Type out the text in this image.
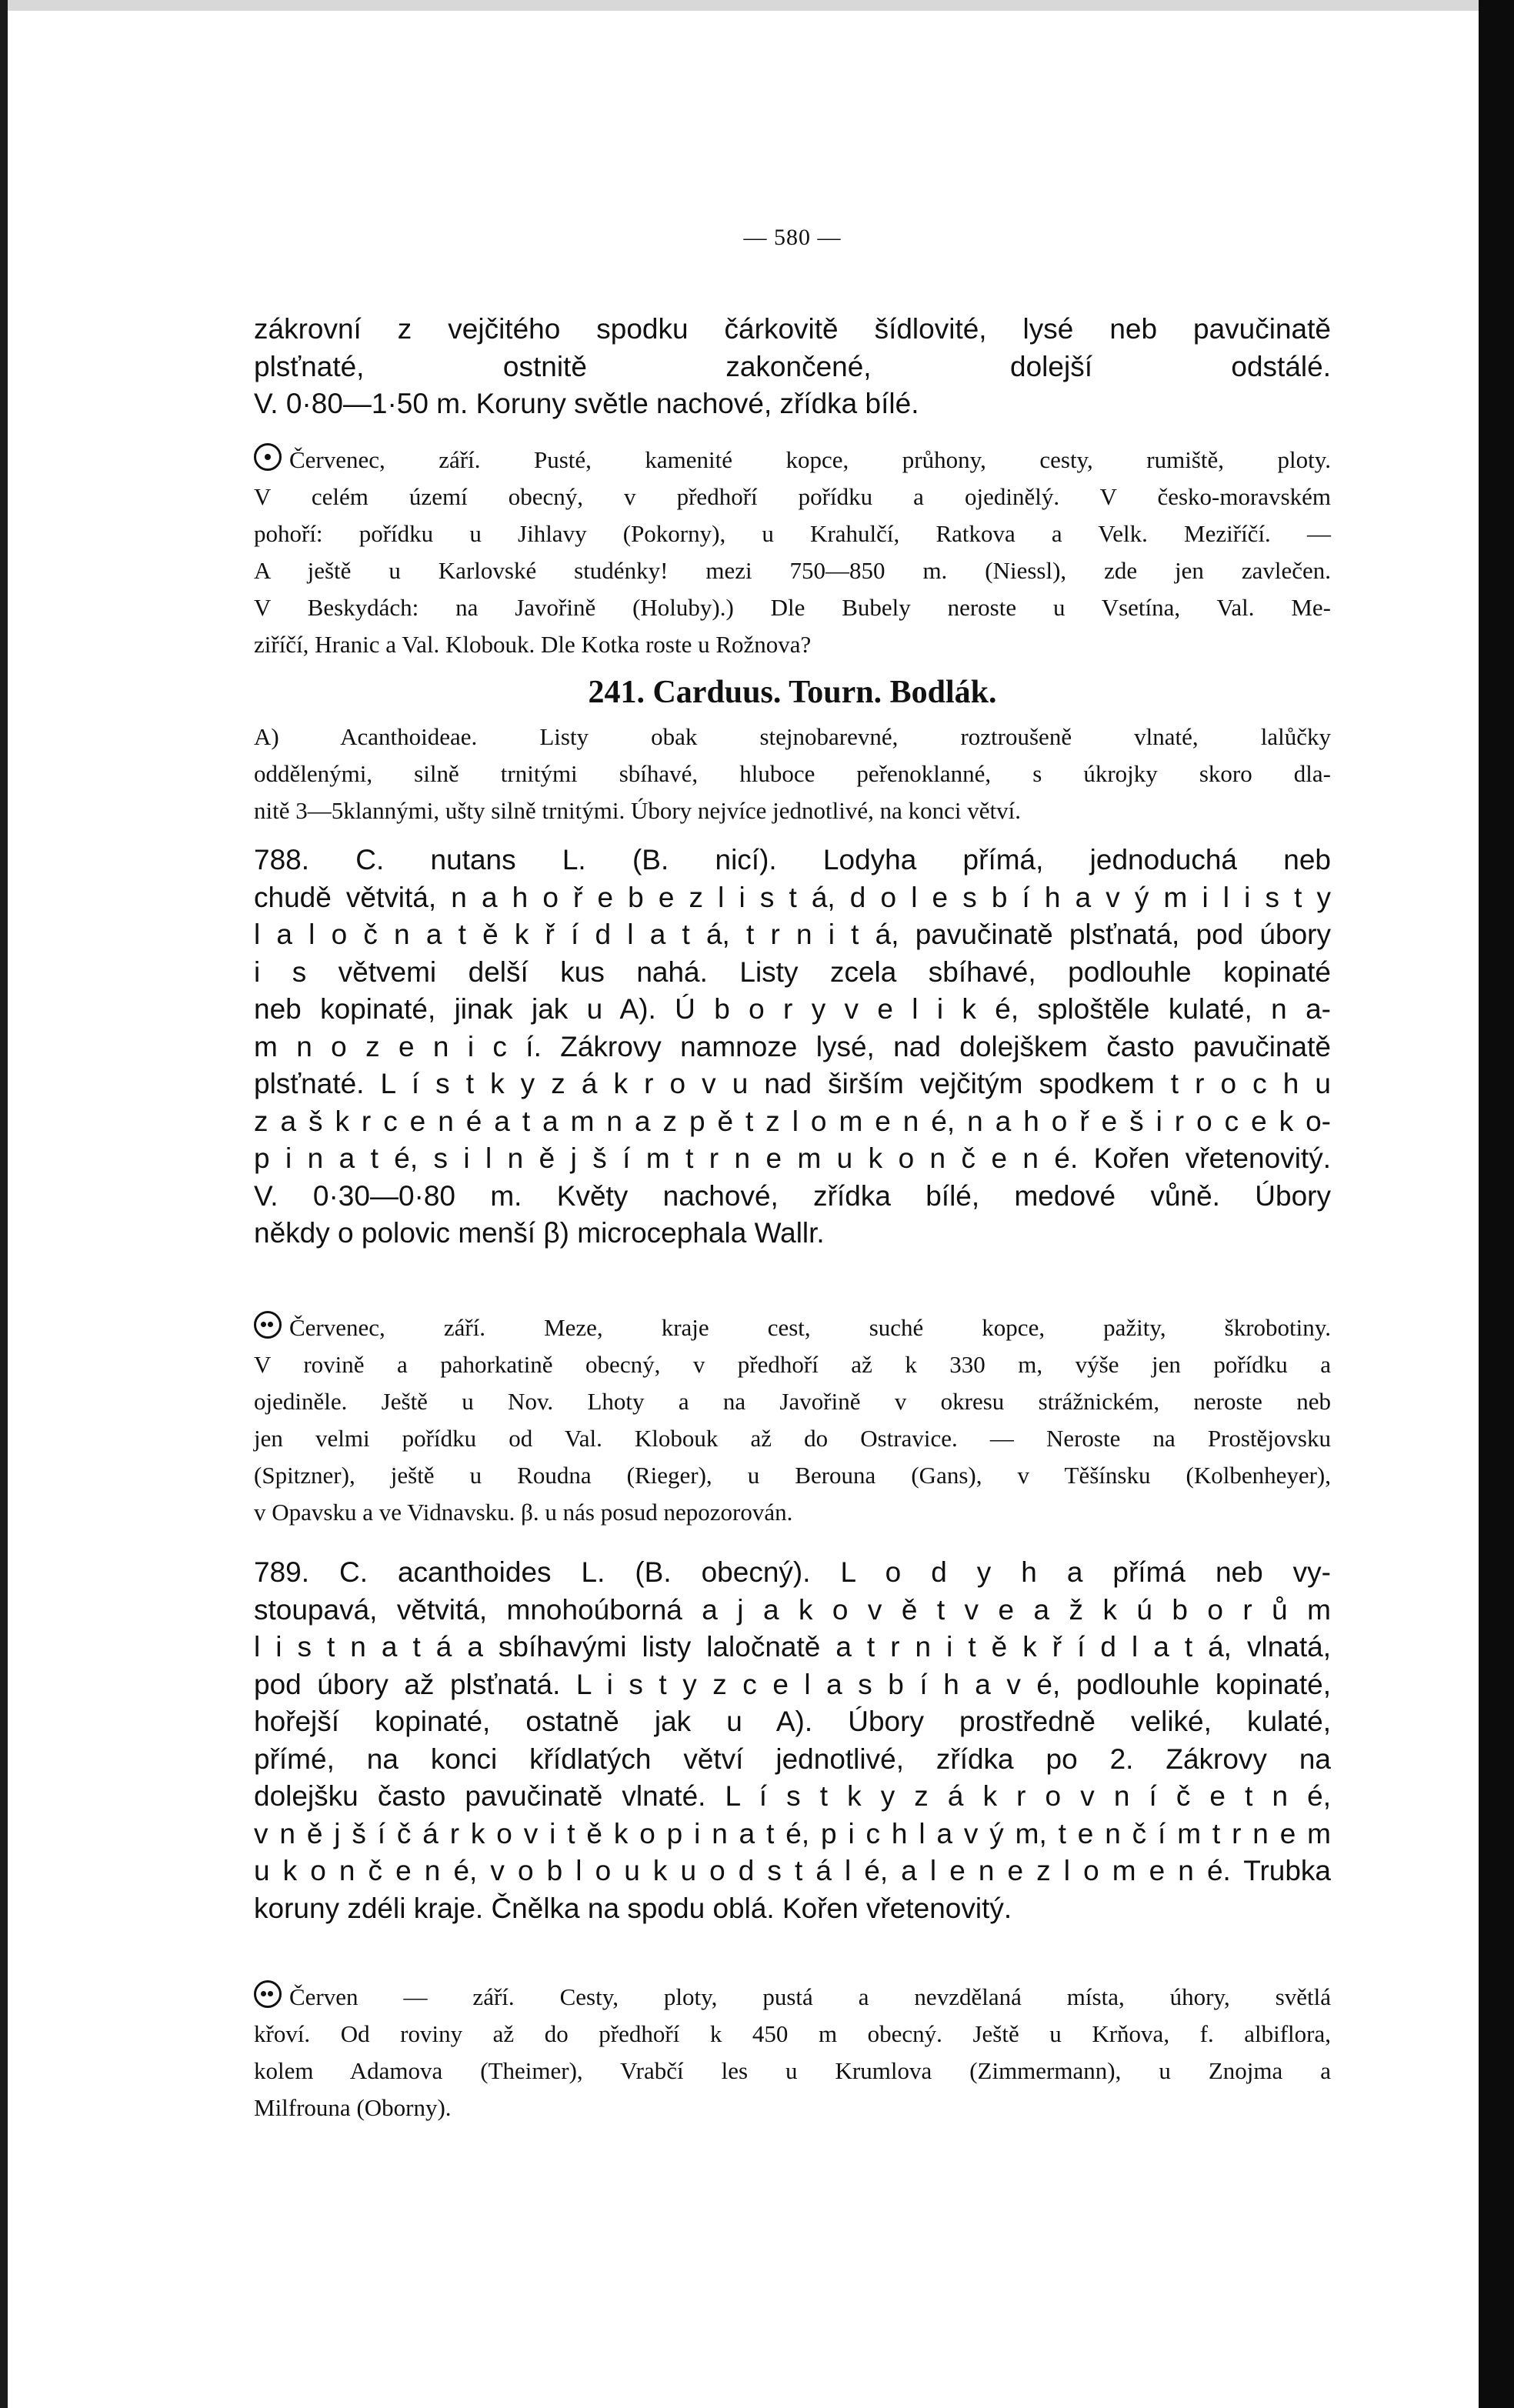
— 580 —
zákrovní z vejčitého spodku čárkovitě šídlovité, lysé neb pavučinatě
plsťnaté, ostnitě zakončené, dolejší odstálé.
V. 0·80—1·50 m. Koruny světle nachové, zřídka bílé.
Červenec, září. Pusté, kamenité kopce, průhony, cesty, rumiště, ploty.
V celém území obecný, v předhoří pořídku a ojedinělý. V česko-moravském
pohoří: pořídku u Jihlavy (Pokorny), u Krahulčí, Ratkova a Velk. Meziříčí. —
A ještě u Karlovské studénky! mezi 750—850 m. (Niessl), zde jen zavlečen.
V Beskydách: na Javořině (Holuby).) Dle Bubely neroste u Vsetína, Val. Me-
ziříčí, Hranic a Val. Klobouk. Dle Kotka roste u Rožnova?
A) Acanthoideae. Listy obak stejnobarevné, roztroušeně vlnaté, lalůčky
oddělenými, silně trnitými sbíhavé, hluboce peřenoklanné, s úkrojky skoro dla-
nitě 3—5klannými, ušty silně trnitými. Úbory nejvíce jednotlivé, na konci větví.
788. C. nutans L. (B. nicí). Lodyha přímá, jednoduchá neb
chudě větvitá, n a h o ř e b e z l i s t á, d o l e s b í h a v ý m i l i s t y
l a l o č n a t ě k ř í d l a t á, t r n i t á, pavučinatě plsťnatá, pod úbory
i s větvemi delší kus nahá. Listy zcela sbíhavé, podlouhle kopinaté
neb kopinaté, jinak jak u A). Ú b o r y v e l i k é, sploštěle kulaté, n a-
m n o z e n i c í. Zákrovy namnoze lysé, nad dolejškem často pavučinatě
plsťnaté. L í s t k y z á k r o v u nad širším vejčitým spodkem t r o c h u
z a š k r c e n é a t a m n a z p ě t z l o m e n é, n a h o ř e š i r o c e k o-
p i n a t é, s i l n ě j š í m t r n e m u k o n č e n é. Kořen vřetenovitý.
V. 0·30—0·80 m. Květy nachové, zřídka bílé, medové vůně. Úbory
někdy o polovic menší β) microcephala Wallr.
Červenec, září. Meze, kraje cest, suché kopce, pažity, škrobotiny.
V rovině a pahorkatině obecný, v předhoří až k 330 m, výše jen pořídku a
ojediněle. Ještě u Nov. Lhoty a na Javořině v okresu strážnickém, neroste neb
jen velmi pořídku od Val. Klobouk až do Ostravice. — Neroste na Prostějovsku
(Spitzner), ještě u Roudna (Rieger), u Berouna (Gans), v Těšínsku (Kolbenheyer),
v Opavsku a ve Vidnavsku. β. u nás posud nepozorován.
789. C. acanthoides L. (B. obecný). L o d y h a přímá neb vy-
stoupavá, větvitá, mnohoúborná a j a k o v ě t v e a ž k ú b o r ů m
l i s t n a t á a sbíhavými listy laločnatě a t r n i t ě k ř í d l a t á, vlnatá,
pod úbory až plsťnatá. L i s t y z c e l a s b í h a v é, podlouhle kopinaté,
hořejší kopinaté, ostatně jak u A). Úbory prostředně veliké, kulaté,
přímé, na konci křídlatých větví jednotlivé, zřídka po 2. Zákrovy na
dolejšku často pavučinatě vlnaté. L í s t k y z á k r o v n í č e t n é,
v n ě j š í č á r k o v i t ě k o p i n a t é, p i c h l a v ý m, t e n č í m t r n e m
u k o n č e n é, v o b l o u k u o d s t á l é, a l e n e z l o m e n é. Trubka
koruny zdéli kraje. Čnělka na spodu oblá. Kořen vřetenovitý.
Červen — září. Cesty, ploty, pustá a nevzdělaná místa, úhory, světlá
křoví. Od roviny až do předhoří k 450 m obecný. Ještě u Krňova, f. albiflora,
kolem Adamova (Theimer), Vrabčí les u Krumlova (Zimmermann), u Znojma a
Milfrouna (Oborny).
241. Carduus. Tourn. Bodlák.
